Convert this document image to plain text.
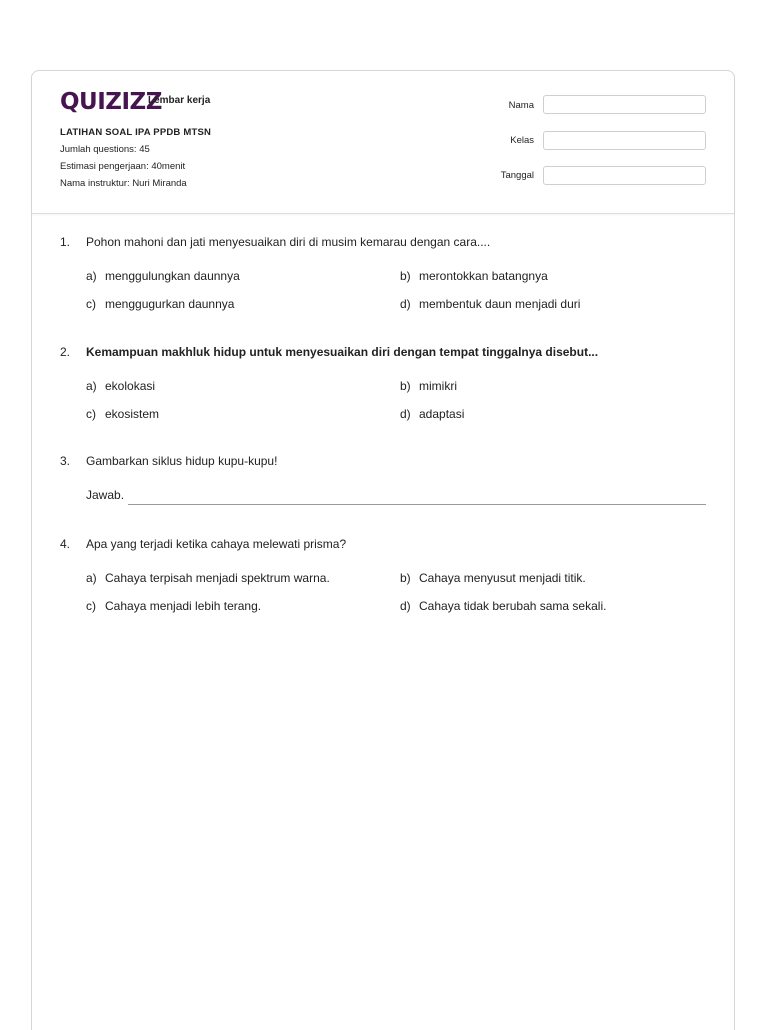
QUIZIZZ
Lembar kerja
LATIHAN SOAL IPA PPDB MTSN
Jumlah questions: 45
Estimasi pengerjaan: 40menit
Nama instruktur: Nuri Miranda
Nama
Kelas
Tanggal
1.	Pohon mahoni dan jati menyesuaikan diri di musim kemarau dengan cara....
a) menggulungkan daunnya	b) merontokkan batangnya
c) menggugurkan daunnya	d) membentuk daun menjadi duri
2.	Kemampuan makhluk hidup untuk menyesuaikan diri dengan tempat tinggalnya disebut...
a) ekolokasi	b) mimikri
c) ekosistem	d) adaptasi
3.	Gambarkan siklus hidup kupu-kupu!
Jawab.
4.	Apa yang terjadi ketika cahaya melewati prisma?
a) Cahaya terpisah menjadi spektrum warna.	b) Cahaya menyusut menjadi titik.
c) Cahaya menjadi lebih terang.	d) Cahaya tidak berubah sama sekali.
